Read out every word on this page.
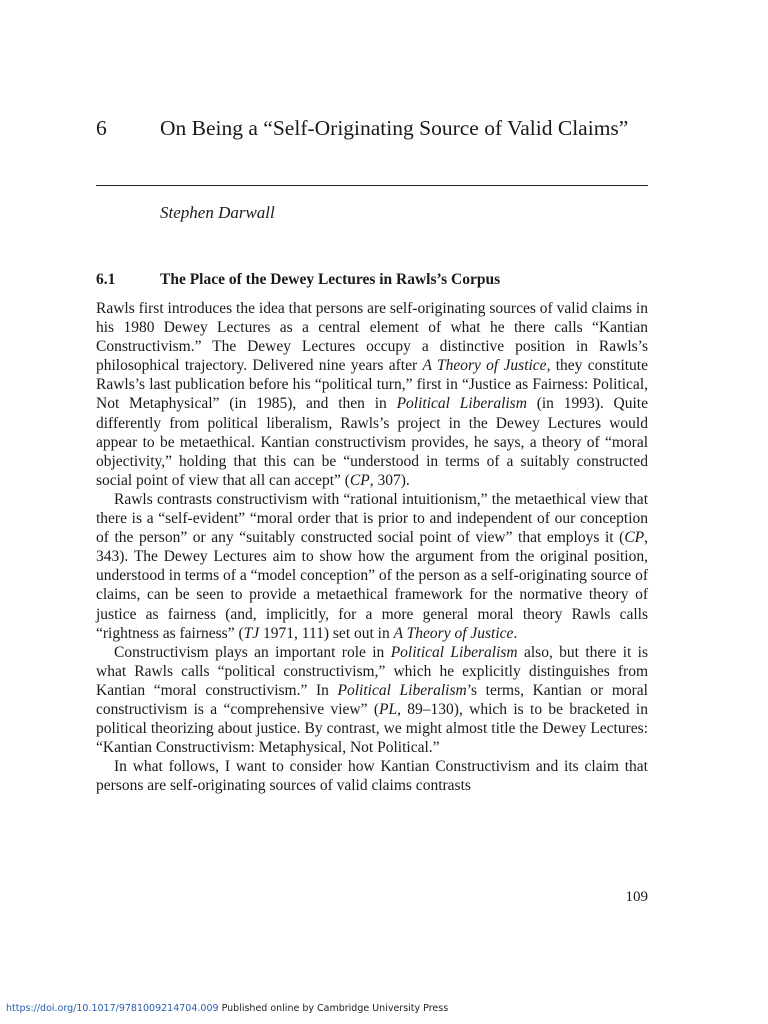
6 On Being a “Self-Originating Source of Valid Claims”
Stephen Darwall
6.1	The Place of the Dewey Lectures in Rawls’s Corpus

Rawls first introduces the idea that persons are self-originating sources of valid claims in his 1980 Dewey Lectures as a central element of what he there calls “Kantian Constructivism.” The Dewey Lectures occupy a distinctive position in Rawls’s philosophical trajectory. Delivered nine years after A Theory of Justice, they constitute Rawls’s last publication before his “political turn,” first in “Justice as Fairness: Political, Not Metaphysical” (in 1985), and then in Political Liberalism (in 1993). Quite differently from political liberalism, Rawls’s project in the Dewey Lectures would appear to be metaethical. Kantian constructivism provides, he says, a theory of “moral objectivity,” holding that this can be “understood in terms of a suitably constructed social point of view that all can accept” (CP, 307).

Rawls contrasts constructivism with “rational intuitionism,” the metaethical view that there is a “self-evident” “moral order that is prior to and independent of our conception of the person” or any “suitably constructed social point of view” that employs it (CP, 343). The Dewey Lectures aim to show how the argument from the original position, understood in terms of a “model conception” of the person as a self-originating source of claims, can be seen to provide a metaethical framework for the normative theory of justice as fairness (and, implicitly, for a more general moral theory Rawls calls “rightness as fairness” (TJ 1971, 111) set out in A Theory of Justice.

Constructivism plays an important role in Political Liberalism also, but there it is what Rawls calls “political constructivism,” which he explicitly distinguishes from Kantian “moral constructivism.” In Political Liberalism’s terms, Kantian or moral constructivism is a “comprehensive view” (PL, 89–130), which is to be bracketed in political theorizing about justice. By contrast, we might almost title the Dewey Lectures: “Kantian Constructivism: Metaphysical, Not Political.”

In what follows, I want to consider how Kantian Constructivism and its claim that persons are self-originating sources of valid claims contrasts

109
https://doi.org/10.1017/9781009214704.009 Published online by Cambridge University Press
